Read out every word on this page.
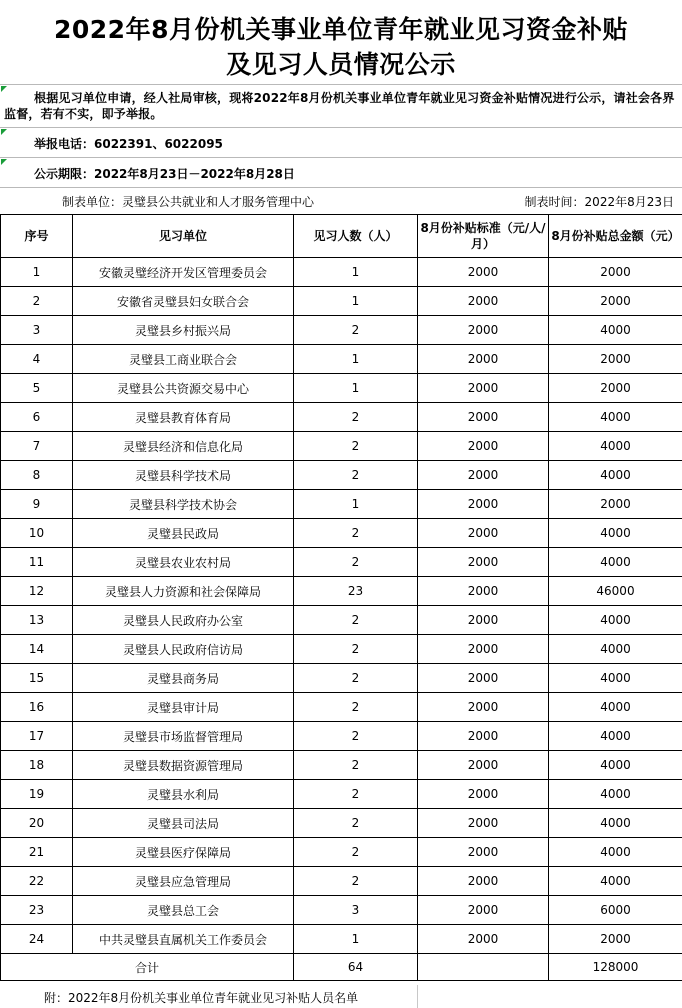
2022年8月份机关事业单位青年就业见习资金补贴
及见习人员情况公示
根据见习单位申请，经人社局审核，现将2022年8月份机关事业单位青年就业见习资金补贴情况进行公示，请社会各界监督，若有不实，即予举报。
举报电话：6022391、6022095
公示期限：2022年8月23日－2022年8月28日
制表单位：灵璧县公共就业和人才服务管理中心	制表时间：2022年8月23日
序号	见习单位	见习人数（人）	8月份补贴标准（元/人/月）	8月份补贴总金额（元）
1	安徽灵璧经济开发区管理委员会	1	2000	2000
2	安徽省灵璧县妇女联合会	1	2000	2000
3	灵璧县乡村振兴局	2	2000	4000
4	灵璧县工商业联合会	1	2000	2000
5	灵璧县公共资源交易中心	1	2000	2000
6	灵璧县教育体育局	2	2000	4000
7	灵璧县经济和信息化局	2	2000	4000
8	灵璧县科学技术局	2	2000	4000
9	灵璧县科学技术协会	1	2000	2000
10	灵璧县民政局	2	2000	4000
11	灵璧县农业农村局	2	2000	4000
12	灵璧县人力资源和社会保障局	23	2000	46000
13	灵璧县人民政府办公室	2	2000	4000
14	灵璧县人民政府信访局	2	2000	4000
15	灵璧县商务局	2	2000	4000
16	灵璧县审计局	2	2000	4000
17	灵璧县市场监督管理局	2	2000	4000
18	灵璧县数据资源管理局	2	2000	4000
19	灵璧县水利局	2	2000	4000
20	灵璧县司法局	2	2000	4000
21	灵璧县医疗保障局	2	2000	4000
22	灵璧县应急管理局	2	2000	4000
23	灵璧县总工会	3	2000	6000
24	中共灵璧县直属机关工作委员会	1	2000	2000
合计		64		128000
附：2022年8月份机关事业单位青年就业见习补贴人员名单
